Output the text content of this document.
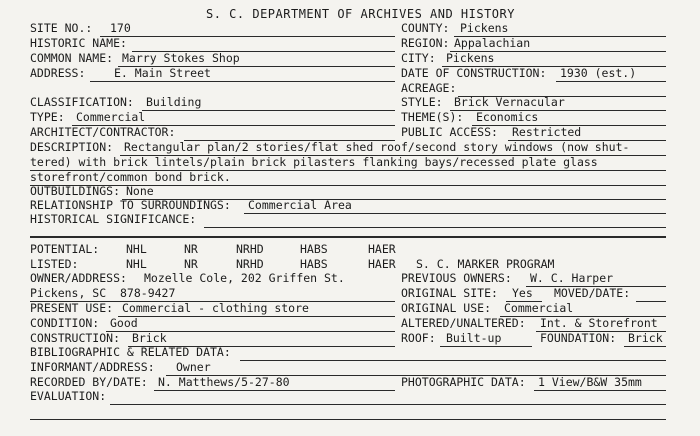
S. C. DEPARTMENT OF ARCHIVES AND HISTORY
SITE NO.: 170	COUNTY: Pickens
HISTORIC NAME:	REGION: Appalachian
COMMON NAME: Marry Stokes Shop	CITY: Pickens
ADDRESS: E. Main Street	DATE OF CONSTRUCTION: 1930 (est.)
ACREAGE:
CLASSIFICATION: Building	STYLE: Brick Vernacular
TYPE: Commercial	THEME(S): Economics
ARCHITECT/CONTRACTOR:	PUBLIC ACCESS: Restricted
DESCRIPTION: Rectangular plan/2 stories/flat shed roof/second story windows (now shut-
tered) with brick lintels/plain brick pilasters flanking bays/recessed plate glass
storefront/common bond brick.
OUTBUILDINGS: None
RELATIONSHIP TO SURROUNDINGS: Commercial Area
HISTORICAL SIGNIFICANCE:
POTENTIAL: NHL	NR	NRHD	HABS	HAER
LISTED:	NHL	NR	NRHD	HABS	HAER S. C. MARKER PROGRAM
OWNER/ADDRESS: Mozelle Cole, 202 Griffen St.	PREVIOUS OWNERS: W. C. Harper
Pickens, SC  878-9427	ORIGINAL SITE: Yes MOVED/DATE:
PRESENT USE: Commercial - clothing store	ORIGINAL USE: Commercial
CONDITION: Good	ALTERED/UNALTERED: Int. & Storefront
CONSTRUCTION: Brick	ROOF: Built-up	FOUNDATION: Brick
BIBLIOGRAPHIC & RELATED DATA:
INFORMANT/ADDRESS: Owner
RECORDED BY/DATE: N. Matthews/5-27-80	PHOTOGRAPHIC DATA: 1 View/B&W 35mm
EVALUATION:
